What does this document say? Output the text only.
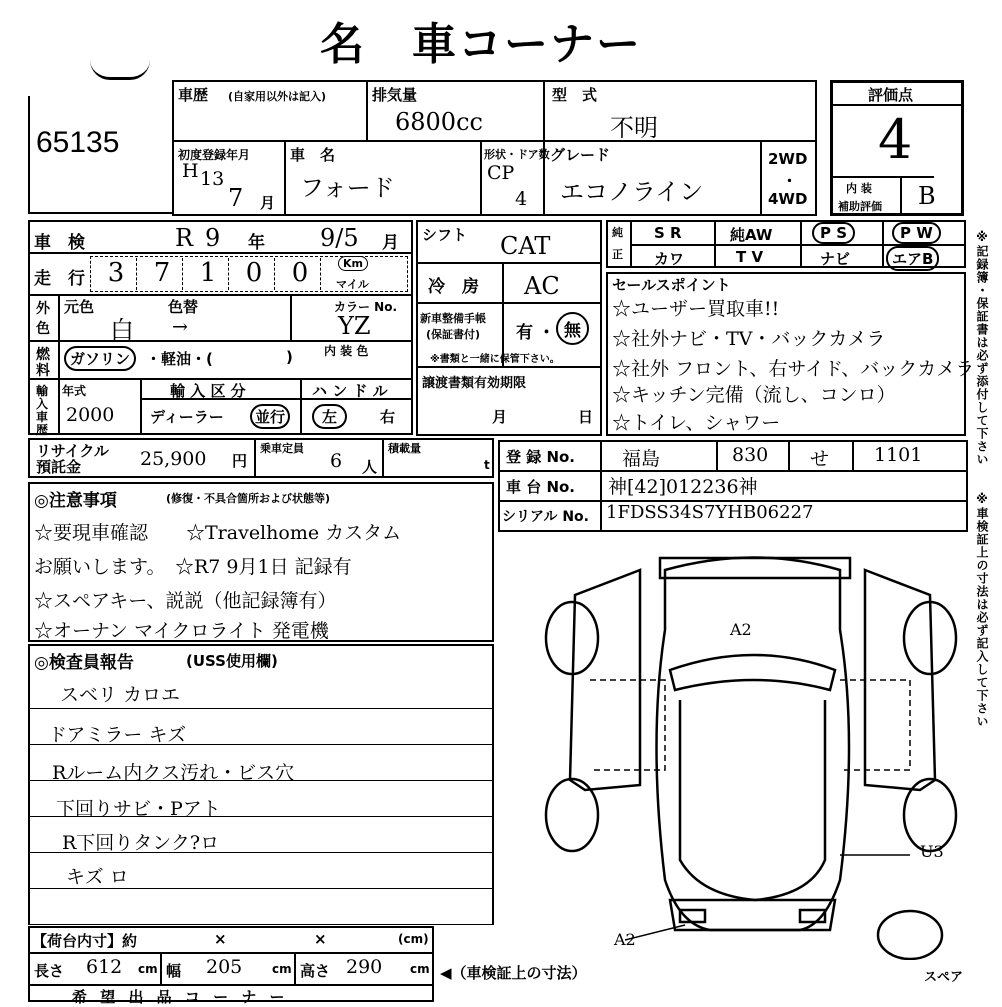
名　車コーナー
65135
車歴 (自家用以外は記入)	排気量
6800cc
型　式
不明
初度登録年月
H 13
7 月
車　名
フォード
形状・ドア数
CP
4
グレード
エコノライン
2WD
・
4WD
評価点
4
内 装
補助評価 B
車　検	R 9 年 9/5 月
走　行 3	7	1	0	0	Km
マイル
外
色
元色	色替
白 →
カラー No.
YZ
燃
料
ガソリン	・軽油・(	)	内 装 色
輸
入
車
歴
年式
2000
輸 入 区 分
ディーラー	並行
ハ ン ド ル
左	右
シフト CAT
冷　房 AC
新車整備手帳
(保証書付) 有 ・ 無
※書類と一緒に保管下さい。
譲渡書類有効期限
月	日
純
正
S R	純AW	P S	P W
カワ	T V	ナビ	エアB
セールスポイント
☆ユーザー買取車!!
☆社外ナビ・TV・バックカメラ
☆社外 フロント、右サイド、バックカメラ
☆キッチン完備（流し、コンロ）
☆トイレ、シャワー
リサイクル
預託金	25,900 円
乗車定員
6 人
積載量
t 登 録 No. 福島	830 せ 1101
車 台 No. 神[42]012236神
シリアル No. 1FDSS34S7YHB06227
◎注意事項	(修復・不具合箇所および状態等)
☆要現車確認　　☆Travelhome カスタム
お願いします。　☆R7 9月1日 記録有
☆スペアキー、説説（他記録簿有）
☆オーナン マイクロライト 発電機
◎検査員報告	(USS使用欄)
スベリ カロエ
ドアミラー キズ
Rルーム内クス汚れ・ビス穴
下回りサビ・Pアト
R下回りタンク?ロ
キズ ロ
A2
U3
A2
スペア
【荷台内寸】約	×	×	(cm)
長さ 612 cm 幅 205 cm 高さ 290 cm ◀（車検証上の寸法）
希 望 出 品 コ ー ナ ー
※記録簿・保証書は必ず添付して下さい
※車検証上の寸法は必ず記入して下さい
